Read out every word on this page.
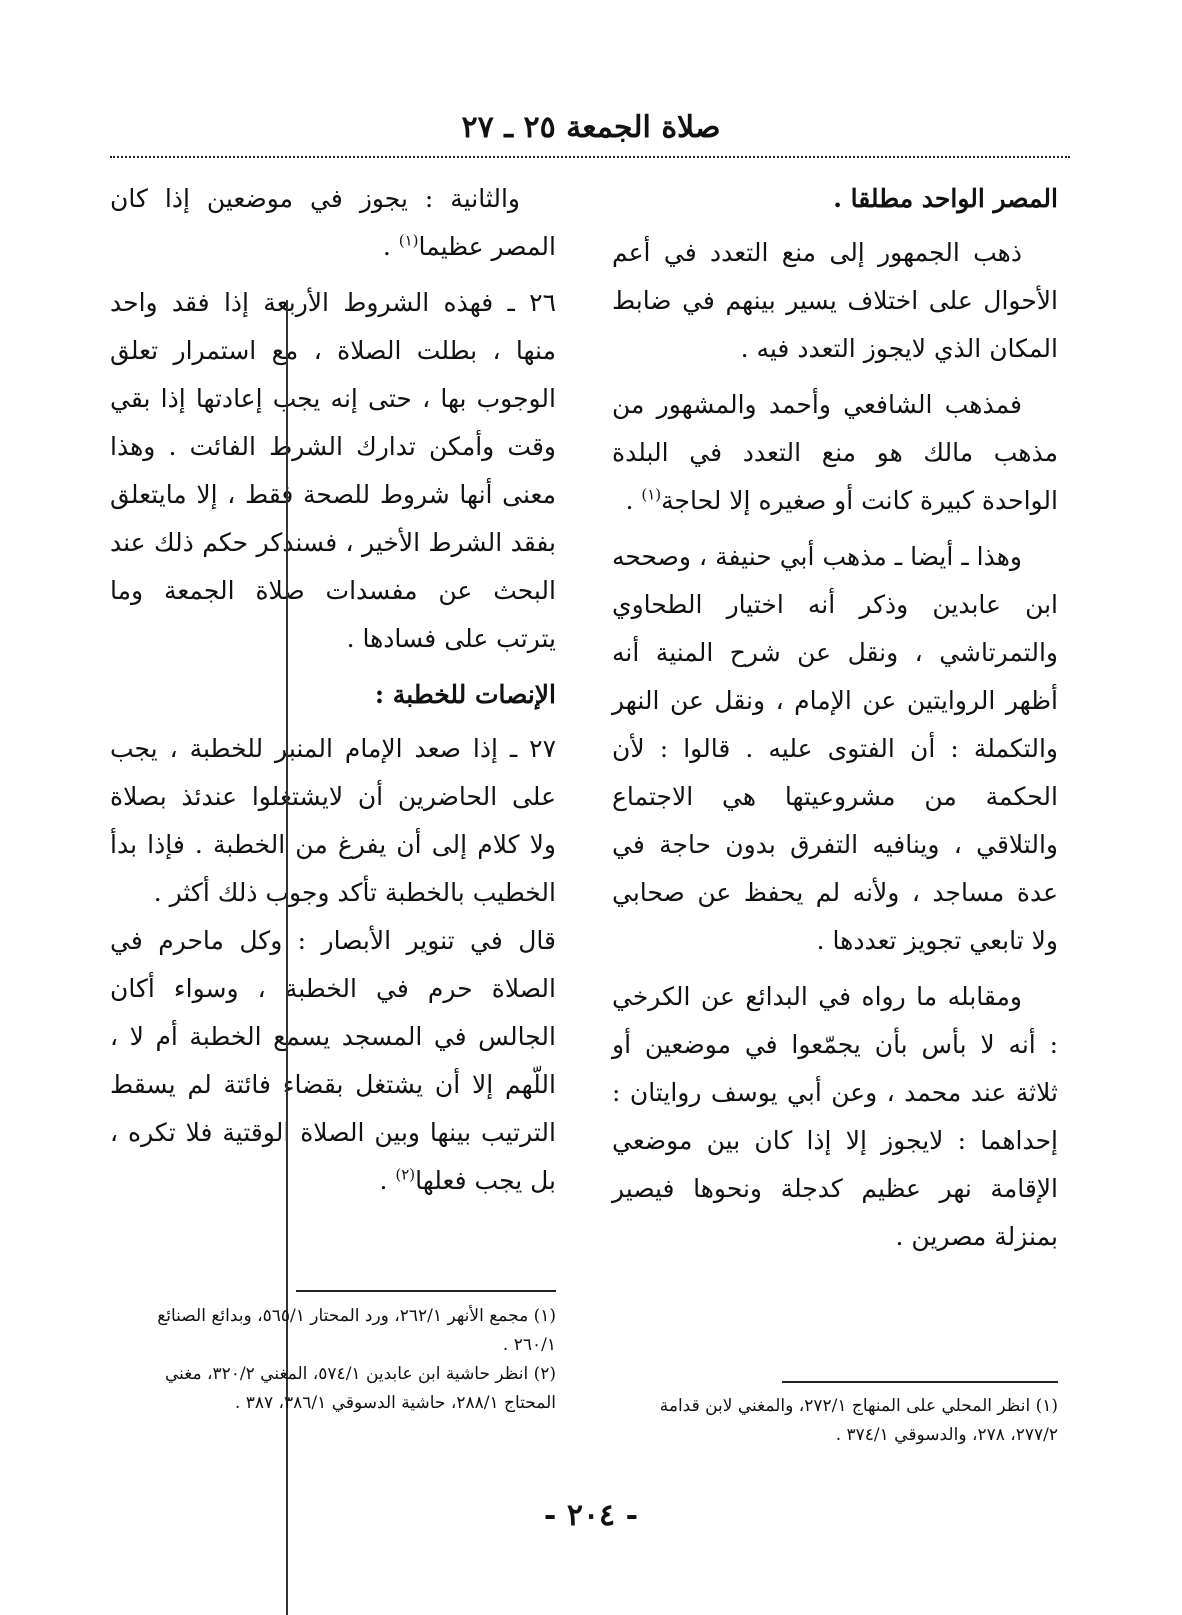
صلاة الجمعة ٢٥ ـ ٢٧

المصر الواحد مطلقا .

ذهب الجمهور إلى منع التعدد في أعم الأحوال على اختلاف يسير بينهم في ضابط المكان الذي لايجوز التعدد فيه .

فمذهب الشافعي وأحمد والمشهور من مذهب مالك هو منع التعدد في البلدة الواحدة كبيرة كانت أو صغيره إلا لحاجة$^{(١)}$ .

وهذا ـ أيضا ـ مذهب أبي حنيفة ، وصححه ابن عابدين وذكر أنه اختيار الطحاوي والتمرتاشي ، ونقل عن شرح المنية أنه أظهر الروايتين عن الإمام ، ونقل عن النهر والتكملة : أن الفتوى عليه . قالوا : لأن الحكمة من مشروعيتها هي الاجتماع والتلاقي ، وينافيه التفرق بدون حاجة في عدة مساجد ، ولأنه لم يحفظ عن صحابي ولا تابعي تجويز تعددها .

ومقابله ما رواه في البدائع عن الكرخي : أنه لا بأس بأن يجمّعوا في موضعين أو ثلاثة عند محمد ، وعن أبي يوسف روايتان : إحداهما : لايجوز إلا إذا كان بين موضعي الإقامة نهر عظيم كدجلة ونحوها فيصير بمنزلة مصرين .

والثانية : يجوز في موضعين إذا كان المصر عظيما$^{(١)}$ .

٢٦ ـ فهذه الشروط الأربعة إذا فقد واحد منها ، بطلت الصلاة ، مع استمرار تعلق الوجوب بها ، حتى إنه يجب إعادتها إذا بقي وقت وأمكن تدارك الشرط الفائت . وهذا معنى أنها شروط للصحة فقط ، إلا مايتعلق بفقد الشرط الأخير ، فسنذكر حكم ذلك عند البحث عن مفسدات صلاة الجمعة وما يترتب على فسادها .

الإنصات للخطبة :

٢٧ ـ إذا صعد الإمام المنبر للخطبة ، يجب على الحاضرين أن لايشتغلوا عندئذ بصلاة ولا كلام إلى أن يفرغ من الخطبة . فإذا بدأ الخطيب بالخطبة تأكد وجوب ذلك أكثر .

قال في تنوير الأبصار : وكل ماحرم في الصلاة حرم في الخطبة ، وسواء أكان الجالس في المسجد يسمع الخطبة أم لا ، اللّهم إلا أن يشتغل بقضاء فائتة لم يسقط الترتيب بينها وبين الصلاة الوقتية فلا تكره ، بل يجب فعلها$^{(٢)}$ .

(١) انظر المحلي على المنهاج ٢٧٢/١، والمغني لابن قدامة ٢٧٧/٢، ٢٧٨، والدسوقي ٣٧٤/١ .

(١) مجمع الأنهر ٢٦٢/١، ورد المحتار ٥٦٥/١، وبدائع الصنائع ٢٦٠/١ .

(٢) انظر حاشية ابن عابدين ٥٧٤/١، المغني ٣٢٠/٢، مغني المحتاج ٢٨٨/١، حاشية الدسوقي ٣٨٦/١، ٣٨٧ .

- ٢٠٤ -
